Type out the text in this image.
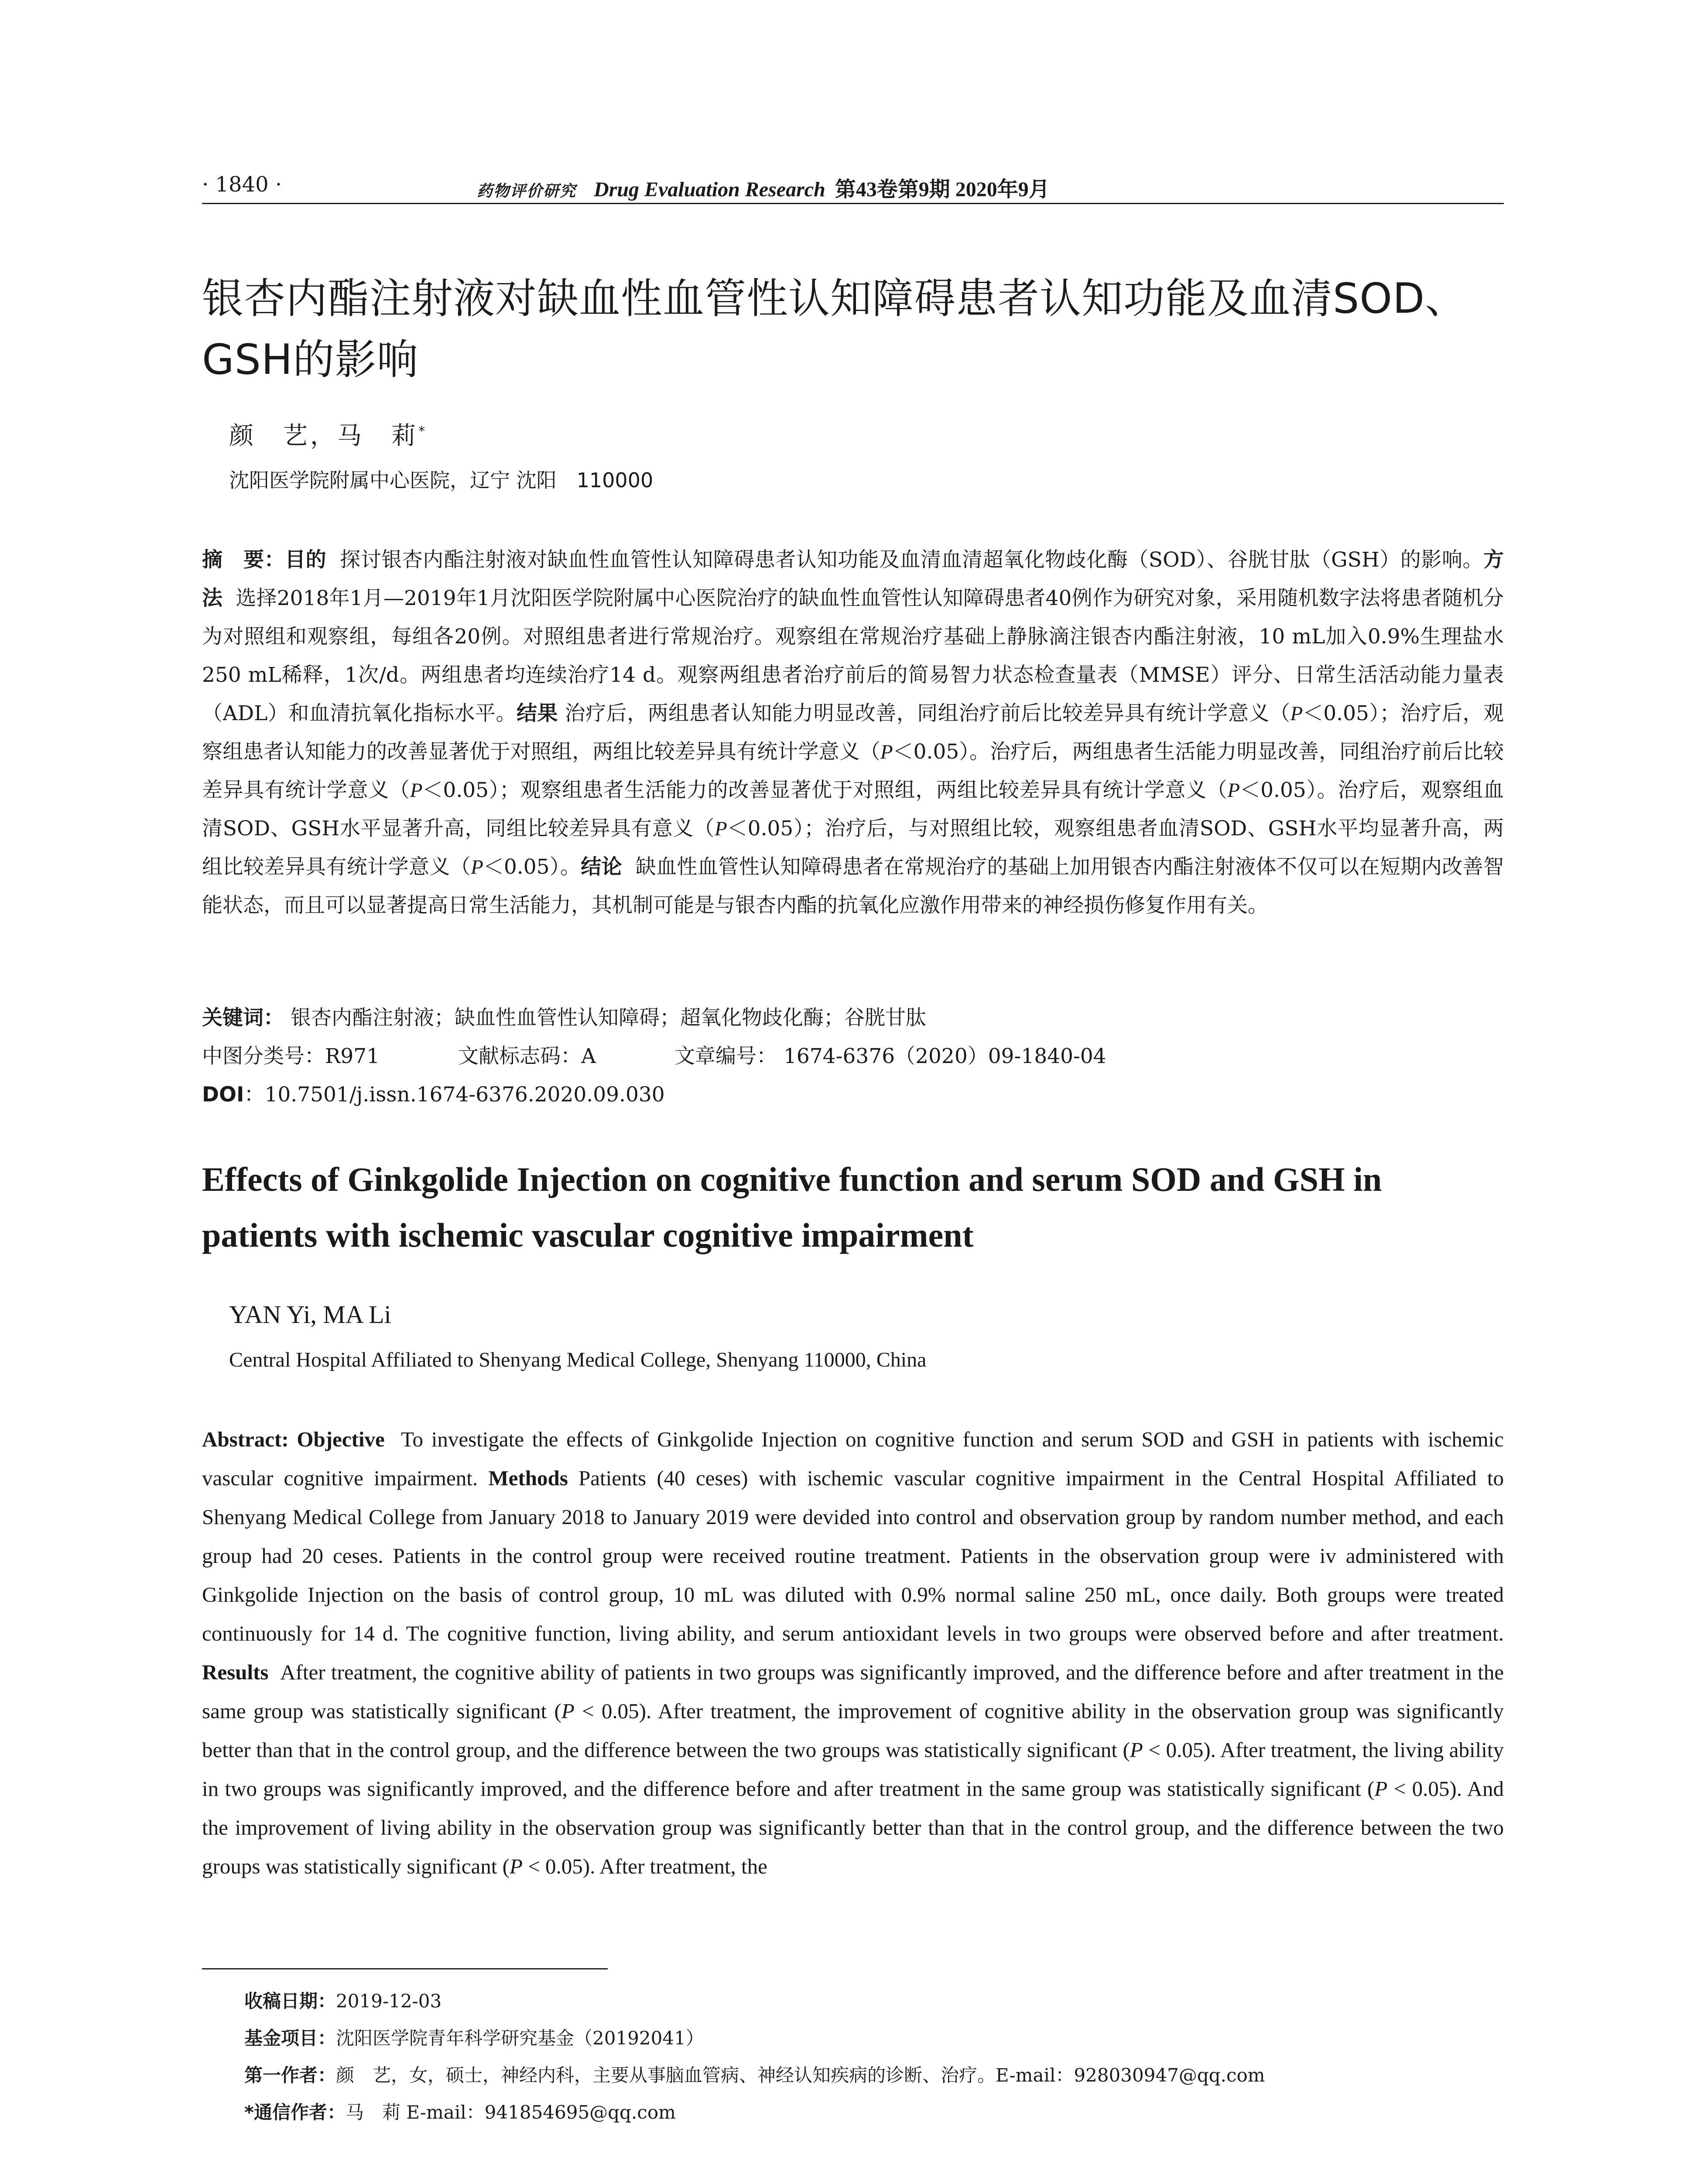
· 1840 ·	药物评价研究 Drug Evaluation Research 第43卷第9期 2020年9月
银杏内酯注射液对缺血性血管性认知障碍患者认知功能及血清SOD、GSH的影响
颜　艺，马　莉*
沈阳医学院附属中心医院，辽宁 沈阳　110000
摘　要：目的 探讨银杏内酯注射液对缺血性血管性认知障碍患者认知功能及血清血清超氧化物歧化酶（SOD）、谷胱甘肽（GSH）的影响。方法 选择2018年1月—2019年1月沈阳医学院附属中心医院治疗的缺血性血管性认知障碍患者40例作为研究对象，采用随机数字法将患者随机分为对照组和观察组，每组各20例。对照组患者进行常规治疗。观察组在常规治疗基础上静脉滴注银杏内酯注射液，10 mL加入0.9%生理盐水250 mL稀释，1次/d。两组患者均连续治疗14 d。观察两组患者治疗前后的简易智力状态检查量表（MMSE）评分、日常生活活动能力量表（ADL）和血清抗氧化指标水平。结果 治疗后，两组患者认知能力明显改善，同组治疗前后比较差异具有统计学意义（P＜0.05）；治疗后，观察组患者认知能力的改善显著优于对照组，两组比较差异具有统计学意义（P＜0.05）。治疗后，两组患者生活能力明显改善，同组治疗前后比较差异具有统计学意义（P＜0.05）；观察组患者生活能力的改善显著优于对照组，两组比较差异具有统计学意义（P＜0.05）。治疗后，观察组血清SOD、GSH水平显著升高，同组比较差异具有意义（P＜0.05）；治疗后，与对照组比较，观察组患者血清SOD、GSH水平均显著升高，两组比较差异具有统计学意义（P＜0.05）。结论 缺血性血管性认知障碍患者在常规治疗的基础上加用银杏内酯注射液体不仅可以在短期内改善智能状态，而且可以显著提高日常生活能力，其机制可能是与银杏内酯的抗氧化应激作用带来的神经损伤修复作用有关。
关键词： 银杏内酯注射液；缺血性血管性认知障碍；超氧化物歧化酶；谷胱甘肽
中图分类号：R971	文献标志码：A	文章编号： 1674-6376（2020）09-1840-04
DOI：10.7501/j.issn.1674-6376.2020.09.030
Effects of Ginkgolide Injection on cognitive function and serum SOD and GSH in patients with ischemic vascular cognitive impairment
YAN Yi, MA Li
Central Hospital Affiliated to Shenyang Medical College, Shenyang 110000, China
Abstract: Objective To investigate the effects of Ginkgolide Injection on cognitive function and serum SOD and GSH in patients with ischemic vascular cognitive impairment. Methods Patients (40 ceses) with ischemic vascular cognitive impairment in the Central Hospital Affiliated to Shenyang Medical College from January 2018 to January 2019 were devided into control and observation group by random number method, and each group had 20 ceses. Patients in the control group were received routine treatment. Patients in the observation group were iv administered with Ginkgolide Injection on the basis of control group, 10 mL was diluted with 0.9% normal saline 250 mL, once daily. Both groups were treated continuously for 14 d. The cognitive function, living ability, and serum antioxidant levels in two groups were observed before and after treatment. Results After treatment, the cognitive ability of patients in two groups was significantly improved, and the difference before and after treatment in the same group was statistically significant (P < 0.05). After treatment, the improvement of cognitive ability in the observation group was significantly better than that in the control group, and the difference between the two groups was statistically significant (P < 0.05). After treatment, the living ability in two groups was significantly improved, and the difference before and after treatment in the same group was statistically significant (P < 0.05). And the improvement of living ability in the observation group was significantly better than that in the control group, and the difference between the two groups was statistically significant (P < 0.05). After treatment, the
收稿日期：2019-12-03
基金项目：沈阳医学院青年科学研究基金（20192041）
第一作者：颜　艺，女，硕士，神经内科，主要从事脑血管病、神经认知疾病的诊断、治疗。E-mail：928030947@qq.com
*通信作者：马　莉 E-mail：941854695@qq.com
